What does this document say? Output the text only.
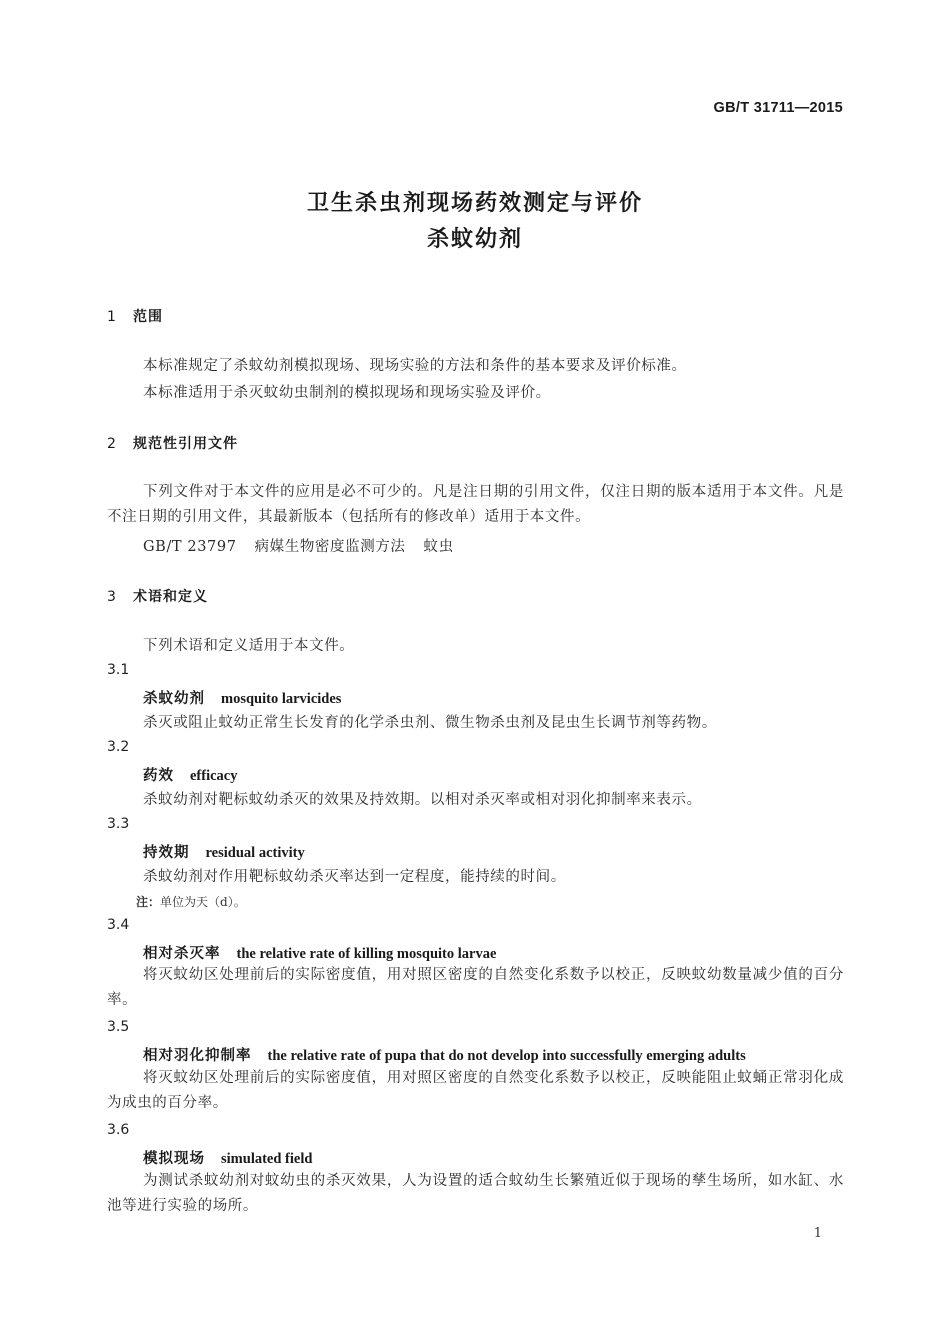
GB/T 31711—2015
卫生杀虫剂现场药效测定与评价
杀蚊幼剂
1 范围
本标准规定了杀蚊幼剂模拟现场、现场实验的方法和条件的基本要求及评价标准。
本标准适用于杀灭蚊幼虫制剂的模拟现场和现场实验及评价。
2 规范性引用文件
下列文件对于本文件的应用是必不可少的。凡是注日期的引用文件，仅注日期的版本适用于本文件。凡是不注日期的引用文件，其最新版本（包括所有的修改单）适用于本文件。
GB/T 23797 病媒生物密度监测方法 蚊虫
3 术语和定义
下列术语和定义适用于本文件。
3.1
杀蚊幼剂 mosquito larvicides
杀灭或阻止蚊幼正常生长发育的化学杀虫剂、微生物杀虫剂及昆虫生长调节剂等药物。
3.2
药效 efficacy
杀蚊幼剂对靶标蚊幼杀灭的效果及持效期。以相对杀灭率或相对羽化抑制率来表示。
3.3
持效期 residual activity
杀蚊幼剂对作用靶标蚊幼杀灭率达到一定程度，能持续的时间。
注：单位为天（d）。
3.4
相对杀灭率 the relative rate of killing mosquito larvae
将灭蚊幼区处理前后的实际密度值，用对照区密度的自然变化系数予以校正，反映蚊幼数量减少值的百分率。
3.5
相对羽化抑制率 the relative rate of pupa that do not develop into successfully emerging adults
将灭蚊幼区处理前后的实际密度值，用对照区密度的自然变化系数予以校正，反映能阻止蚊蛹正常羽化成为成虫的百分率。
3.6
模拟现场 simulated field
为测试杀蚊幼剂对蚊幼虫的杀灭效果，人为设置的适合蚊幼生长繁殖近似于现场的孳生场所，如水缸、水池等进行实验的场所。
1
